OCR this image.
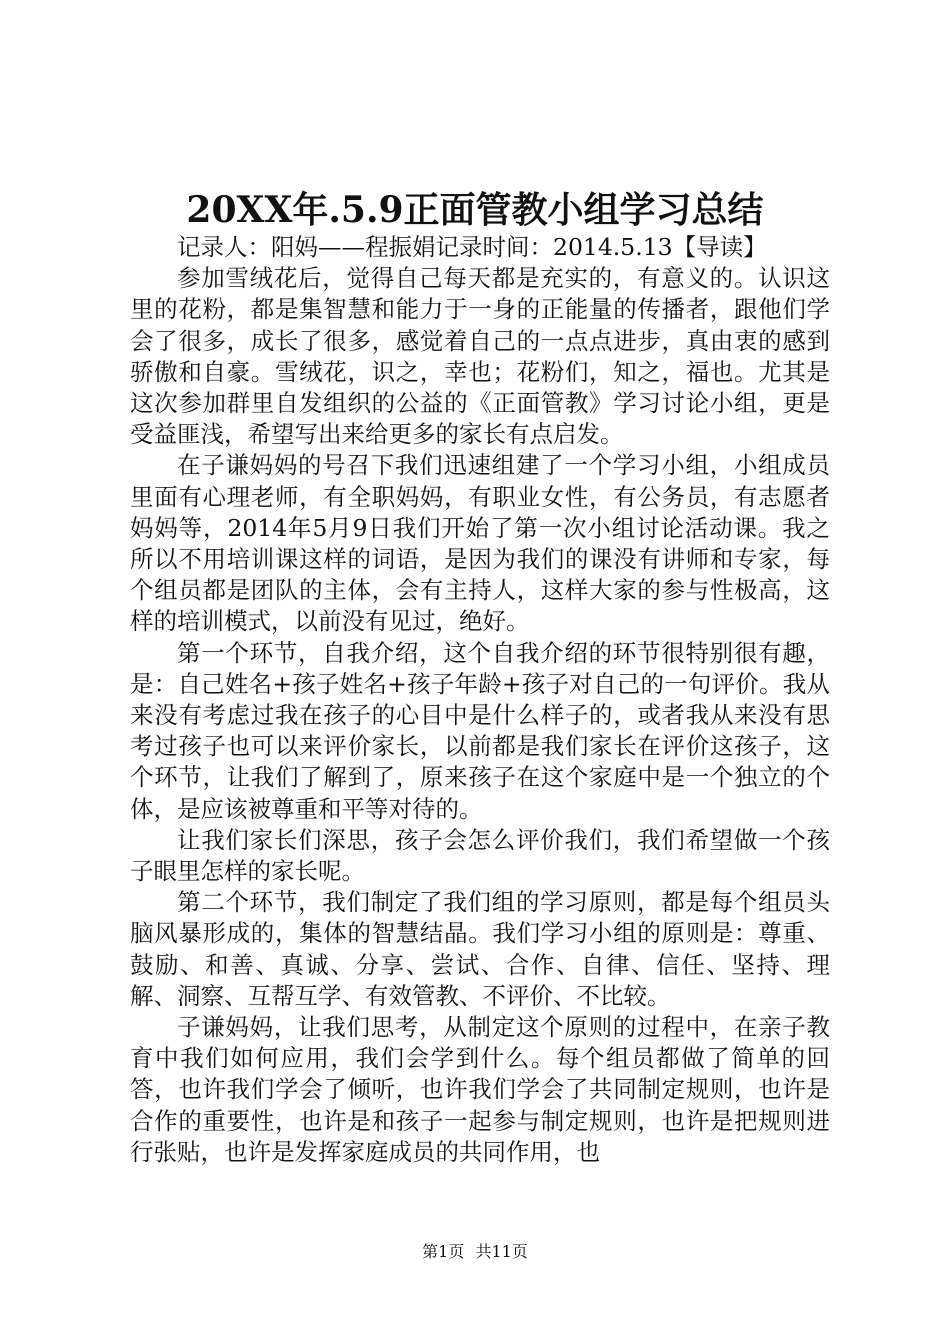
20XX年.5.9正面管教小组学习总结

记录人：阳妈——程振娟记录时间：2014.5.13【导读】

参加雪绒花后，觉得自己每天都是充实的，有意义的。认识这里的花粉，都是集智慧和能力于一身的正能量的传播者，跟他们学会了很多，成长了很多，感觉着自己的一点点进步，真由衷的感到骄傲和自豪。雪绒花，识之，幸也；花粉们，知之，福也。尤其是这次参加群里自发组织的公益的《正面管教》学习讨论小组，更是受益匪浅，希望写出来给更多的家长有点启发。

在子谦妈妈的号召下我们迅速组建了一个学习小组，小组成员里面有心理老师，有全职妈妈，有职业女性，有公务员，有志愿者妈妈等，2014年5月9日我们开始了第一次小组讨论活动课。我之所以不用培训课这样的词语，是因为我们的课没有讲师和专家，每个组员都是团队的主体，会有主持人，这样大家的参与性极高，这样的培训模式，以前没有见过，绝好。

第一个环节，自我介绍，这个自我介绍的环节很特别很有趣，是：自己姓名+孩子姓名+孩子年龄+孩子对自己的一句评价。我从来没有考虑过我在孩子的心目中是什么样子的，或者我从来没有思考过孩子也可以来评价家长，以前都是我们家长在评价这孩子，这个环节，让我们了解到了，原来孩子在这个家庭中是一个独立的个体，是应该被尊重和平等对待的。

让我们家长们深思，孩子会怎么评价我们，我们希望做一个孩子眼里怎样的家长呢。

第二个环节，我们制定了我们组的学习原则，都是每个组员头脑风暴形成的，集体的智慧结晶。我们学习小组的原则是：尊重、鼓励、和善、真诚、分享、尝试、合作、自律、信任、坚持、理解、洞察、互帮互学、有效管教、不评价、不比较。

子谦妈妈，让我们思考，从制定这个原则的过程中，在亲子教育中我们如何应用，我们会学到什么。每个组员都做了简单的回答，也许我们学会了倾听，也许我们学会了共同制定规则，也许是合作的重要性，也许是和孩子一起参与制定规则，也许是把规则进行张贴，也许是发挥家庭成员的共同作用，也

第1页 共11页
